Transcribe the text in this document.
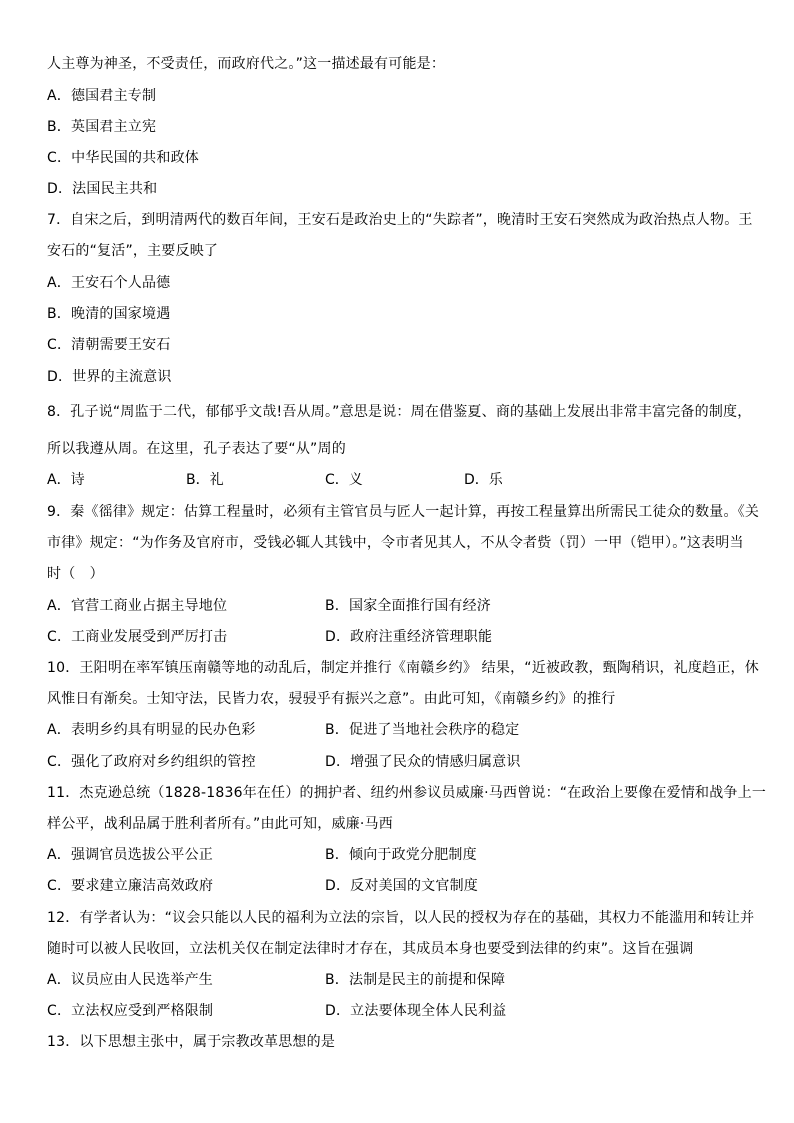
人主尊为神圣，不受责任，而政府代之。”这一描述最有可能是：
A．德国君主专制
B．英国君主立宪
C．中华民国的共和政体
D．法国民主共和
7．自宋之后，到明清两代的数百年间，王安石是政治史上的“失踪者”，晚清时王安石突然成为政治热点人物。王
安石的“复活”，主要反映了
A．王安石个人品德
B．晚清的国家境遇
C．清朝需要王安石
D．世界的主流意识
8．孔子说“周监于二代，郁郁乎文哉!吾从周。”意思是说：周在借鉴夏、商的基础上发展出非常丰富完备的制度，
所以我遵从周。在这里，孔子表达了要“从”周的
A．诗	B．礼	C．义	D．乐
9．秦《徭律》规定：估算工程量时，必须有主管官员与匠人一起计算，再按工程量算出所需民工徒众的数量。《关
市律》规定：“为作务及官府市，受钱必辄人其钱中，令市者见其人，不从令者赀（罚）一甲（铠甲）。”这表明当
时（　）
A．官营工商业占据主导地位	B．国家全面推行国有经济
C．工商业发展受到严厉打击	D．政府注重经济管理职能
10．王阳明在率军镇压南赣等地的动乱后，制定并推行《南赣乡约》 结果，“近被政教，甄陶稍识，礼度趋正，休
风惟日有渐矣。士知守法，民皆力农，骎骎乎有振兴之意”。由此可知，《南赣乡约》的推行
A．表明乡约具有明显的民办色彩	B．促进了当地社会秩序的稳定
C．强化了政府对乡约组织的管控	D．增强了民众的情感归属意识
11．杰克逊总统（1828-1836年在任）的拥护者、纽约州参议员威廉·马西曾说：“在政治上要像在爱情和战争上一
样公平，战利品属于胜利者所有。”由此可知，威廉·马西
A．强调官员选拔公平公正	B．倾向于政党分肥制度
C．要求建立廉洁高效政府	D．反对美国的文官制度
12．有学者认为：“议会只能以人民的福利为立法的宗旨，以人民的授权为存在的基础，其权力不能滥用和转让并
随时可以被人民收回，立法机关仅在制定法律时才存在，其成员本身也要受到法律的约束”。这旨在强调
A．议员应由人民选举产生	B．法制是民主的前提和保障
C．立法权应受到严格限制	D．立法要体现全体人民利益
13．以下思想主张中，属于宗教改革思想的是
